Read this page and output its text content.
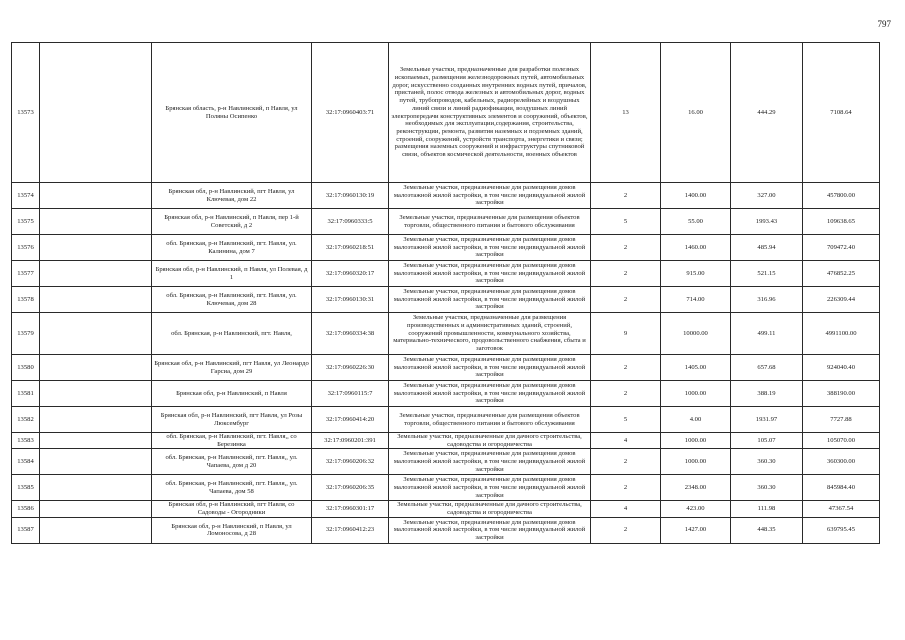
797
13573		Брянская область, р-н Навлинский, п Навля, ул Поляны Осипенко	32:17:0960403:71	Земельные участки, предназначенные для разработки полезных ископаемых, размещения железнодорожных путей, автомобильных дорог, искусственно созданных внутренних водных путей, причалов, пристаней, полос отвода железных и автомобильных дорог, водных путей, трубопроводов, кабельных, радиорелейных и воздушных линий связи и линий радиофикации, воздушных линий электропередачи конструктивных элементов и сооружений, объектов, необходимых для эксплуатации,содержания, строительства, реконструкции, ремонта, развития наземных и подземных зданий, строений, сооружений, устройств транспорта, энергетики и связи; размещения наземных сооружений и инфраструктуры спутниковой связи, объектов космической деятельности, военных объектов	13	16.00	444.29	7108.64
13574		Брянская обл, р-н Навлинский, пгт Навля, ул Ключевая, дом 22	32:17:0960130:19	Земельные участки, предназначенные для размещения домов малоэтажной жилой застройки, в том числе индивидуальной жилой застройки	2	1400.00	327.00	457800.00
13575		Брянская обл, р-н Навлинский, п Навля, пер 1-й Советский, д 2	32:17:0960333:5	Земельные участки, предназначенные для размещения объектов торговли, общественного питания и бытового обслуживания	5	55.00	1993.43	109638.65
13576		обл. Брянская, р-н Навлинский, пгт. Навля, ул. Калинина, дом 7	32:17:0960218:51	Земельные участки, предназначенные для размещения домов малоэтажной жилой застройки, в том числе индивидуальной жилой застройки	2	1460.00	485.94	709472.40
13577		Брянская обл, р-н Навлинский, п Навля, ул Полевая, д 1	32:17:0960320:17	Земельные участки, предназначенные для размещения домов малоэтажной жилой застройки, в том числе индивидуальной жилой застройки	2	915.00	521.15	476852.25
13578		обл. Брянская, р-н Навлинский, пгт. Навля, ул. Ключевая, дом 28	32:17:0960130:31	Земельные участки, предназначенные для размещения домов малоэтажной жилой застройки, в том числе индивидуальной жилой застройки	2	714.00	316.96	226309.44
13579		обл. Брянская, р-н Навлинский, пгт. Навля,	32:17:0960334:38	Земельные участки, предназначенные для размещения производственных и административных зданий, строений, сооружений промышленности, коммунального хозяйства, материально-технического, продовольственного снабжения, сбыта и заготовок	9	10000.00	499.11	4991100.00
13580		Брянская обл, р-н Навлинский, пгт Навля, ул Леонардо Гарсиа, дом 29	32:17:0960226:30	Земельные участки, предназначенные для размещения домов малоэтажной жилой застройки, в том числе индивидуальной жилой застройки	2	1405.00	657.68	924040.40
13581		Брянская обл, р-н Навлинский, п Навля	32:17:0960115:7	Земельные участки, предназначенные для размещения домов малоэтажной жилой застройки, в том числе индивидуальной жилой застройки	2	1000.00	388.19	388190.00
13582		Брянская обл, р-н Навлинский, пгт Навля, ул Розы Люксембург	32:17:0960414:20	Земельные участки, предназначенные для размещения объектов торговли, общественного питания и бытового обслуживания	5	4.00	1931.97	7727.88
13583		обл. Брянская, р-н Навлинский, пгт. Навля,, со Березинка	32:17:0960201:391	Земельные участки, предназначенные для дачного строительства, садоводства и огородничества	4	1000.00	105.07	105070.00
13584		обл. Брянская, р-н Навлинский, пгт. Навля,, ул. Чапаева, дом д 20	32:17:0960206:32	Земельные участки, предназначенные для размещения домов малоэтажной жилой застройки, в том числе индивидуальной жилой застройки	2	1000.00	360.30	360300.00
13585		обл. Брянская, р-н Навлинский, пгт. Навля,, ул. Чапаева, дом 58	32:17:0960206:35	Земельные участки, предназначенные для размещения домов малоэтажной жилой застройки, в том числе индивидуальной жилой застройки	2	2348.00	360.30	845984.40
13586		Брянская обл, р-н Навлинский, пгт Навля, со Садоводы - Огородники	32:17:0960301:17	Земельные участки, предназначенные для дачного строительства, садоводства и огородничества	4	423.00	111.98	47367.54
13587		Брянская обл, р-н Навлинский, п Навля, ул Ломоносова, д 28	32:17:0960412:23	Земельные участки, предназначенные для размещения домов малоэтажной жилой застройки, в том числе индивидуальной жилой застройки	2	1427.00	448.35	639795.45
